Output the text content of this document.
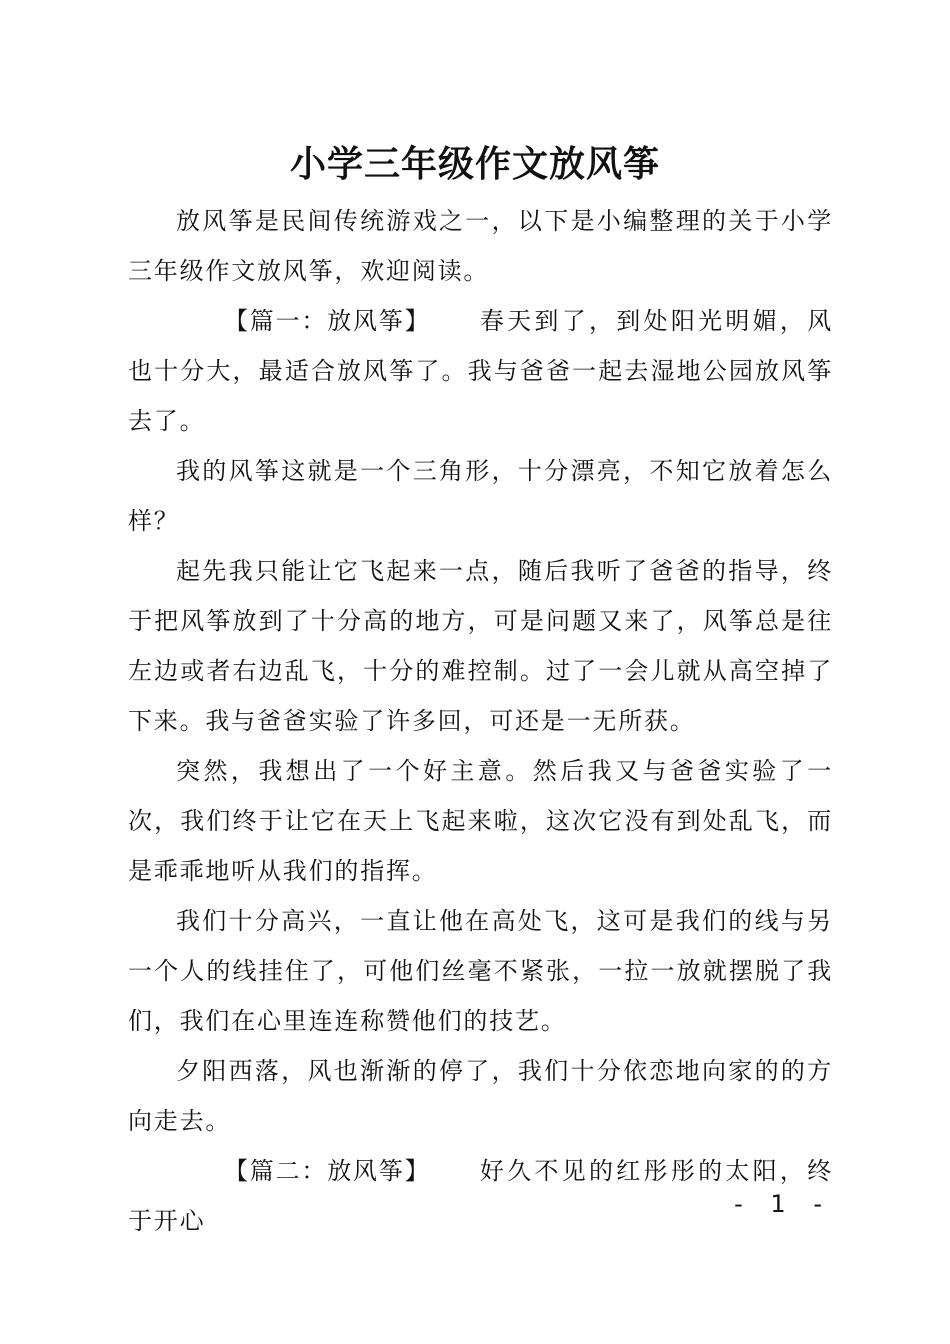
小学三年级作文放风筝

放风筝是民间传统游戏之一，以下是小编整理的关于小学三年级作文放风筝，欢迎阅读。

【篇一：放风筝】 春天到了，到处阳光明媚，风也十分大，最适合放风筝了。我与爸爸一起去湿地公园放风筝去了。

我的风筝这就是一个三角形，十分漂亮，不知它放着怎么样？

起先我只能让它飞起来一点，随后我听了爸爸的指导，终于把风筝放到了十分高的地方，可是问题又来了，风筝总是往左边或者右边乱飞，十分的难控制。过了一会儿就从高空掉了下来。我与爸爸实验了许多回，可还是一无所获。

突然，我想出了一个好主意。然后我又与爸爸实验了一次，我们终于让它在天上飞起来啦，这次它没有到处乱飞，而是乖乖地听从我们的指挥。

我们十分高兴，一直让他在高处飞，这可是我们的线与另一个人的线挂住了，可他们丝毫不紧张，一拉一放就摆脱了我们，我们在心里连连称赞他们的技艺。

夕阳西落，风也渐渐的停了，我们十分依恋地向家的的方向走去。

【篇二：放风筝】 好久不见的红彤彤的太阳，终于开心

- 1 -
